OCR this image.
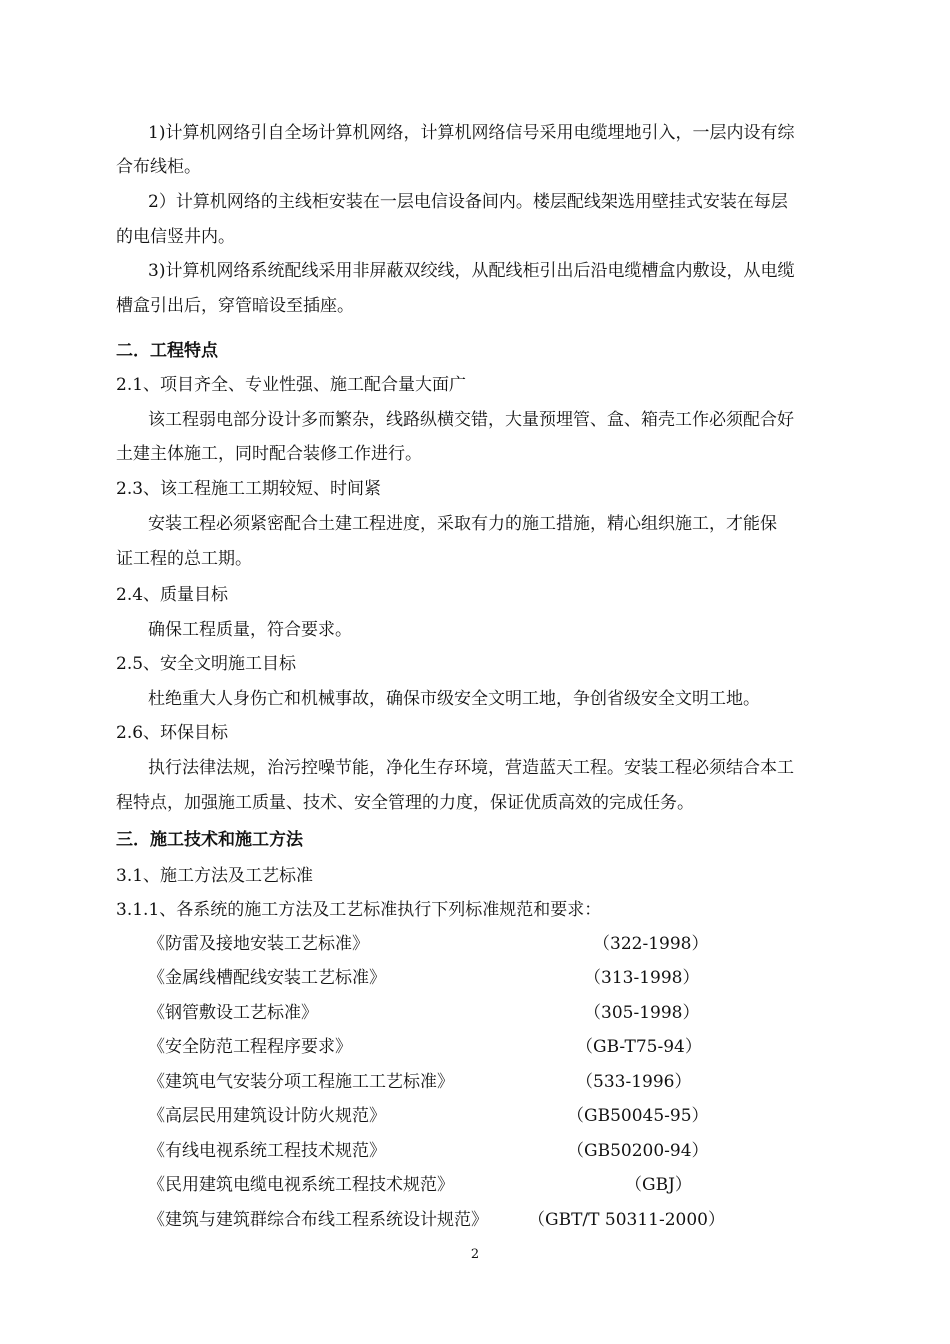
1)计算机网络引自全场计算机网络，计算机网络信号采用电缆埋地引入，一层内设有综
合布线柜。
2）计算机网络的主线柜安装在一层电信设备间内。楼层配线架选用壁挂式安装在每层
的电信竖井内。
3)计算机网络系统配线采用非屏蔽双绞线，从配线柜引出后沿电缆槽盒内敷设，从电缆
槽盒引出后，穿管暗设至插座。
二．工程特点
2.1、项目齐全、专业性强、施工配合量大面广
该工程弱电部分设计多而繁杂，线路纵横交错，大量预埋管、盒、箱壳工作必须配合好
土建主体施工，同时配合装修工作进行。
2.3、该工程施工工期较短、时间紧
安装工程必须紧密配合土建工程进度，采取有力的施工措施，精心组织施工，才能保
证工程的总工期。
2.4、质量目标
确保工程质量，符合要求。
2.5、安全文明施工目标
杜绝重大人身伤亡和机械事故，确保市级安全文明工地，争创省级安全文明工地。
2.6、环保目标
执行法律法规，治污控噪节能，净化生存环境，营造蓝天工程。安装工程必须结合本工
程特点，加强施工质量、技术、安全管理的力度，保证优质高效的完成任务。
三．施工技术和施工方法
3.1、施工方法及工艺标准
3.1.1、各系统的施工方法及工艺标准执行下列标准规范和要求：
《防雷及接地安装工艺标准》	（322-1998）
《金属线槽配线安装工艺标准》	（313-1998）
《钢管敷设工艺标准》	（305-1998）
《安全防范工程程序要求》	（GB-T75-94）
《建筑电气安装分项工程施工工艺标准》	（533-1996）
《高层民用建筑设计防火规范》	（GB50045-95）
《有线电视系统工程技术规范》	（GB50200-94）
《民用建筑电缆电视系统工程技术规范》	（GBJ）
《建筑与建筑群综合布线工程系统设计规范》 （GBT/T 50311-2000）
2
